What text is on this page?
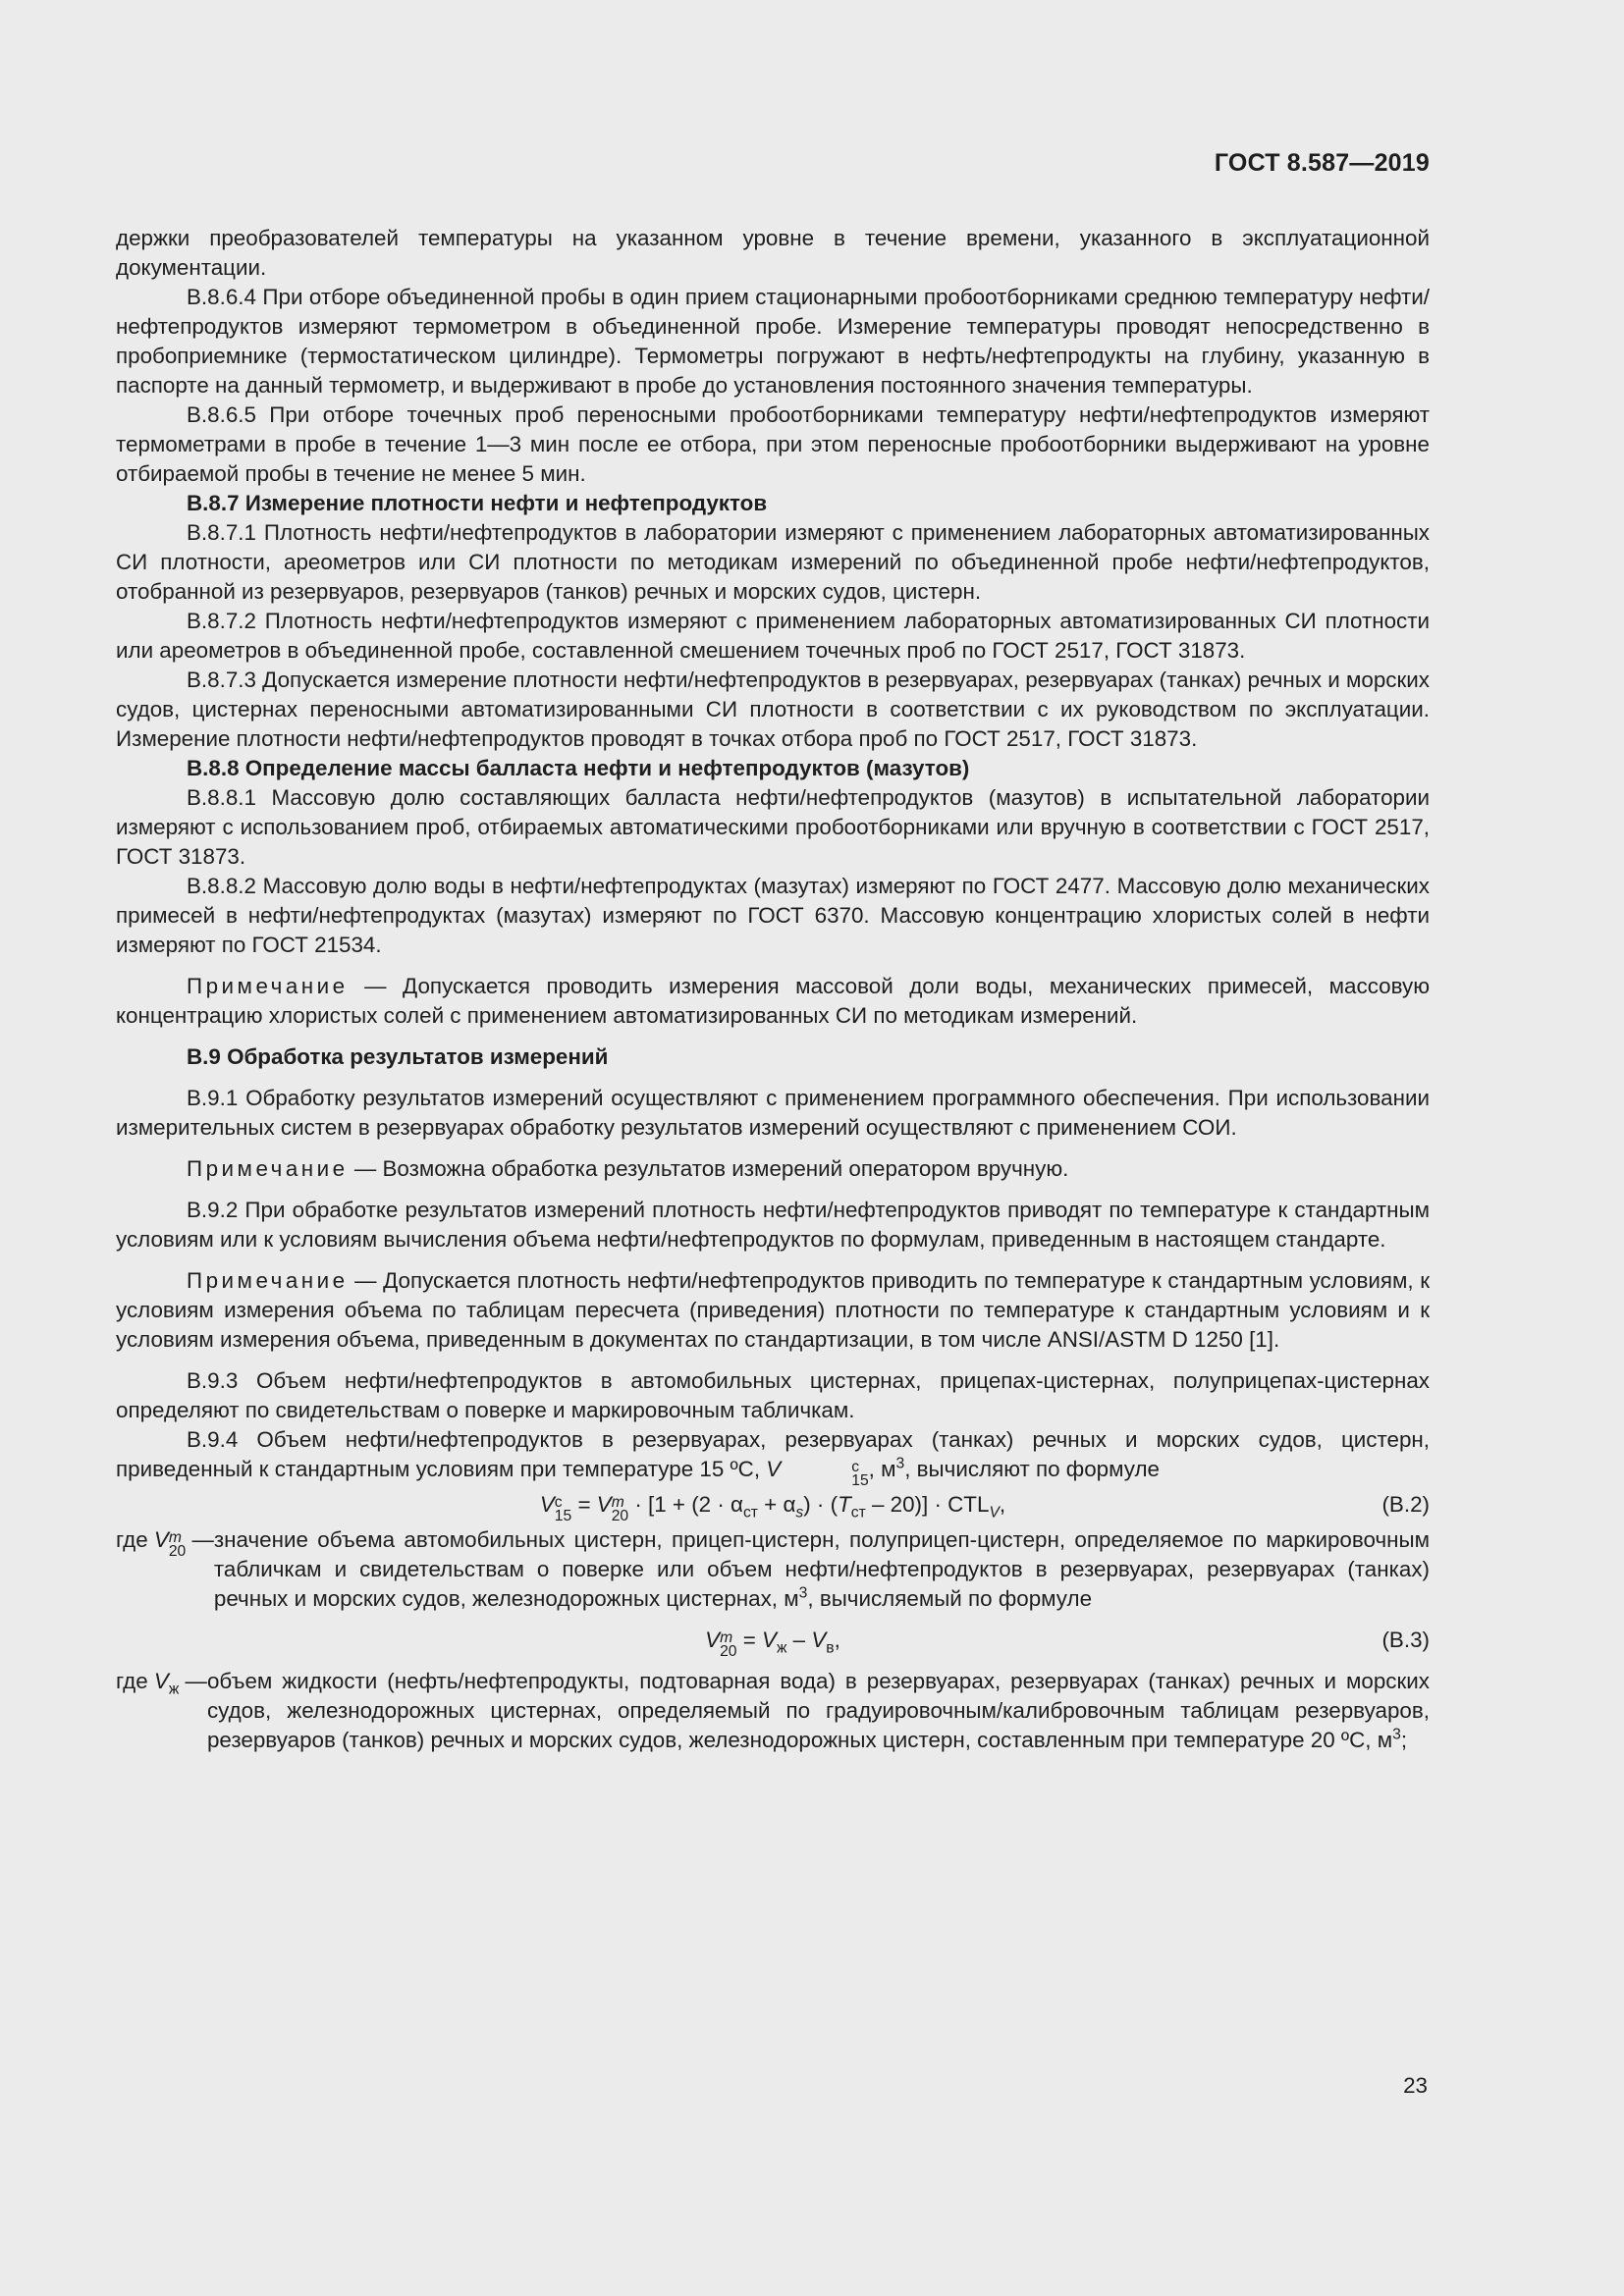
ГОСТ 8.587—2019

держки преобразователей температуры на указанном уровне в течение времени, указанного в эксплуатационной документации.

В.8.6.4 При отборе объединенной пробы в один прием стационарными пробоотборниками среднюю температуру нефти/нефтепродуктов измеряют термометром в объединенной пробе. Измерение температуры проводят непосредственно в пробоприемнике (термостатическом цилиндре). Термометры погружают в нефть/нефтепродукты на глубину, указанную в паспорте на данный термометр, и выдерживают в пробе до установления постоянного значения температуры.

В.8.6.5 При отборе точечных проб переносными пробоотборниками температуру нефти/нефтепродуктов измеряют термометрами в пробе в течение 1—3 мин после ее отбора, при этом переносные пробоотборники выдерживают на уровне отбираемой пробы в течение не менее 5 мин.

В.8.7 Измерение плотности нефти и нефтепродуктов

В.8.7.1 Плотность нефти/нефтепродуктов в лаборатории измеряют с применением лабораторных автоматизированных СИ плотности, ареометров или СИ плотности по методикам измерений по объединенной пробе нефти/нефтепродуктов, отобранной из резервуаров, резервуаров (танков) речных и морских судов, цистерн.

В.8.7.2 Плотность нефти/нефтепродуктов измеряют с применением лабораторных автоматизированных СИ плотности или ареометров в объединенной пробе, составленной смешением точечных проб по ГОСТ 2517, ГОСТ 31873.

В.8.7.3 Допускается измерение плотности нефти/нефтепродуктов в резервуарах, резервуарах (танках) речных и морских судов, цистернах переносными автоматизированными СИ плотности в соответствии с их руководством по эксплуатации. Измерение плотности нефти/нефтепродуктов проводят в точках отбора проб по ГОСТ 2517, ГОСТ 31873.

В.8.8 Определение массы балласта нефти и нефтепродуктов (мазутов)

В.8.8.1 Массовую долю составляющих балласта нефти/нефтепродуктов (мазутов) в испытательной лаборатории измеряют с использованием проб, отбираемых автоматическими пробоотборниками или вручную в соответствии с ГОСТ 2517, ГОСТ 31873.

В.8.8.2 Массовую долю воды в нефти/нефтепродуктах (мазутах) измеряют по ГОСТ 2477. Массовую долю механических примесей в нефти/нефтепродуктах (мазутах) измеряют по ГОСТ 6370. Массовую концентрацию хлористых солей в нефти измеряют по ГОСТ 21534.

Примечание — Допускается проводить измерения массовой доли воды, механических примесей, массовую концентрацию хлористых солей с применением автоматизированных СИ по методикам измерений.

В.9 Обработка результатов измерений

В.9.1 Обработку результатов измерений осуществляют с применением программного обеспечения. При использовании измерительных систем в резервуарах обработку результатов измерений осуществляют с применением СОИ.

Примечание — Возможна обработка результатов измерений оператором вручную.

В.9.2 При обработке результатов измерений плотность нефти/нефтепродуктов приводят по температуре к стандартным условиям или к условиям вычисления объема нефти/нефтепродуктов по формулам, приведенным в настоящем стандарте.

Примечание — Допускается плотность нефти/нефтепродуктов приводить по температуре к стандартным условиям, к условиям измерения объема по таблицам пересчета (приведения) плотности по температуре к стандартным условиям и к условиям измерения объема, приведенным в документах по стандартизации, в том числе ANSI/ASTM D 1250 [1].

В.9.3 Объем нефти/нефтепродуктов в автомобильных цистернах, прицепах-цистернах, полуприцепах-цистернах определяют по свидетельствам о поверке и маркировочным табличкам.

В.9.4 Объем нефти/нефтепродуктов в резервуарах, резервуарах (танках) речных и морских судов, цистерн, приведенный к стандартным условиям при температуре 15 ºС, V	с
15 , $м^3$, вычисляют по формуле

V с
15 = V m
$20 \cdot [1 + (2 \cdot \alpha_{ст} + \alpha_s) \cdot (T_{ст} - 20)] \cdot CTL_V$,	(В.2)
где V m
20 — значение объема автомобильных цистерн, прицеп-цистерн, полуприцеп-цистерн, определяемое по маркировочным табличкам и свидетельствам о поверке или объем нефти/нефтепродуктов в резервуарах, резервуарах (танках) речных и морских судов, железнодорожных цистернах, $м^3$, вычисляемый по формуле
V m
$20 = V_ж - V_в$,	(В.3)
где $V_ж$ — объем жидкости (нефть/нефтепродукты, подтоварная вода) в резервуарах, резервуарах (танках) речных и морских судов, железнодорожных цистернах, определяемый по градуировочным/калибровочным таблицам резервуаров, резервуаров (танков) речных и морских судов, железнодорожных цистерн, составленным при температуре 20 ºС, $м^3$;
23
